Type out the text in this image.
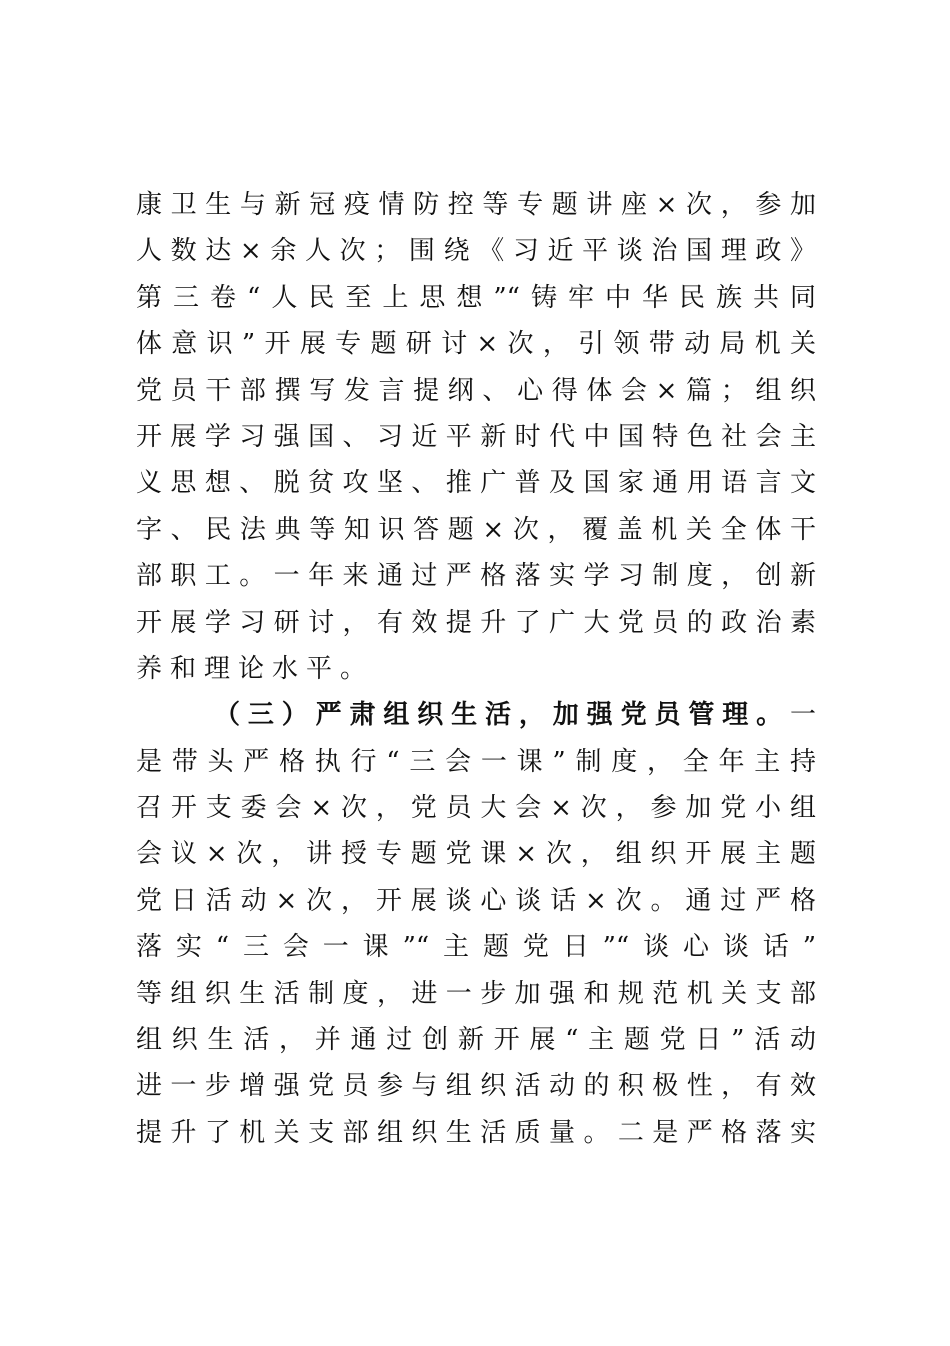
康卫生与新冠疫情防控等专题讲座×次，参加
人数达×余人次；围绕《习近平谈治国理政》
第三卷“人民至上思想”“铸牢中华民族共同
体意识”开展专题研讨×次，引领带动局机关
党员干部撰写发言提纲、心得体会×篇；组织
开展学习强国、习近平新时代中国特色社会主
义思想、脱贫攻坚、推广普及国家通用语言文
字、民法典等知识答题×次，覆盖机关全体干
部职工。一年来通过严格落实学习制度，创新
开展学习研讨，有效提升了广大党员的政治素
养和理论水平。
（三）严肃组织生活，加强党员管理。一
是带头严格执行“三会一课”制度，全年主持
召开支委会×次，党员大会×次，参加党小组
会议×次，讲授专题党课×次，组织开展主题
党日活动×次，开展谈心谈话×次。通过严格
落实“三会一课”“主题党日”“谈心谈话”
等组织生活制度，进一步加强和规范机关支部
组织生活，并通过创新开展“主题党日”活动
进一步增强党员参与组织活动的积极性，有效
提升了机关支部组织生活质量。二是严格落实
